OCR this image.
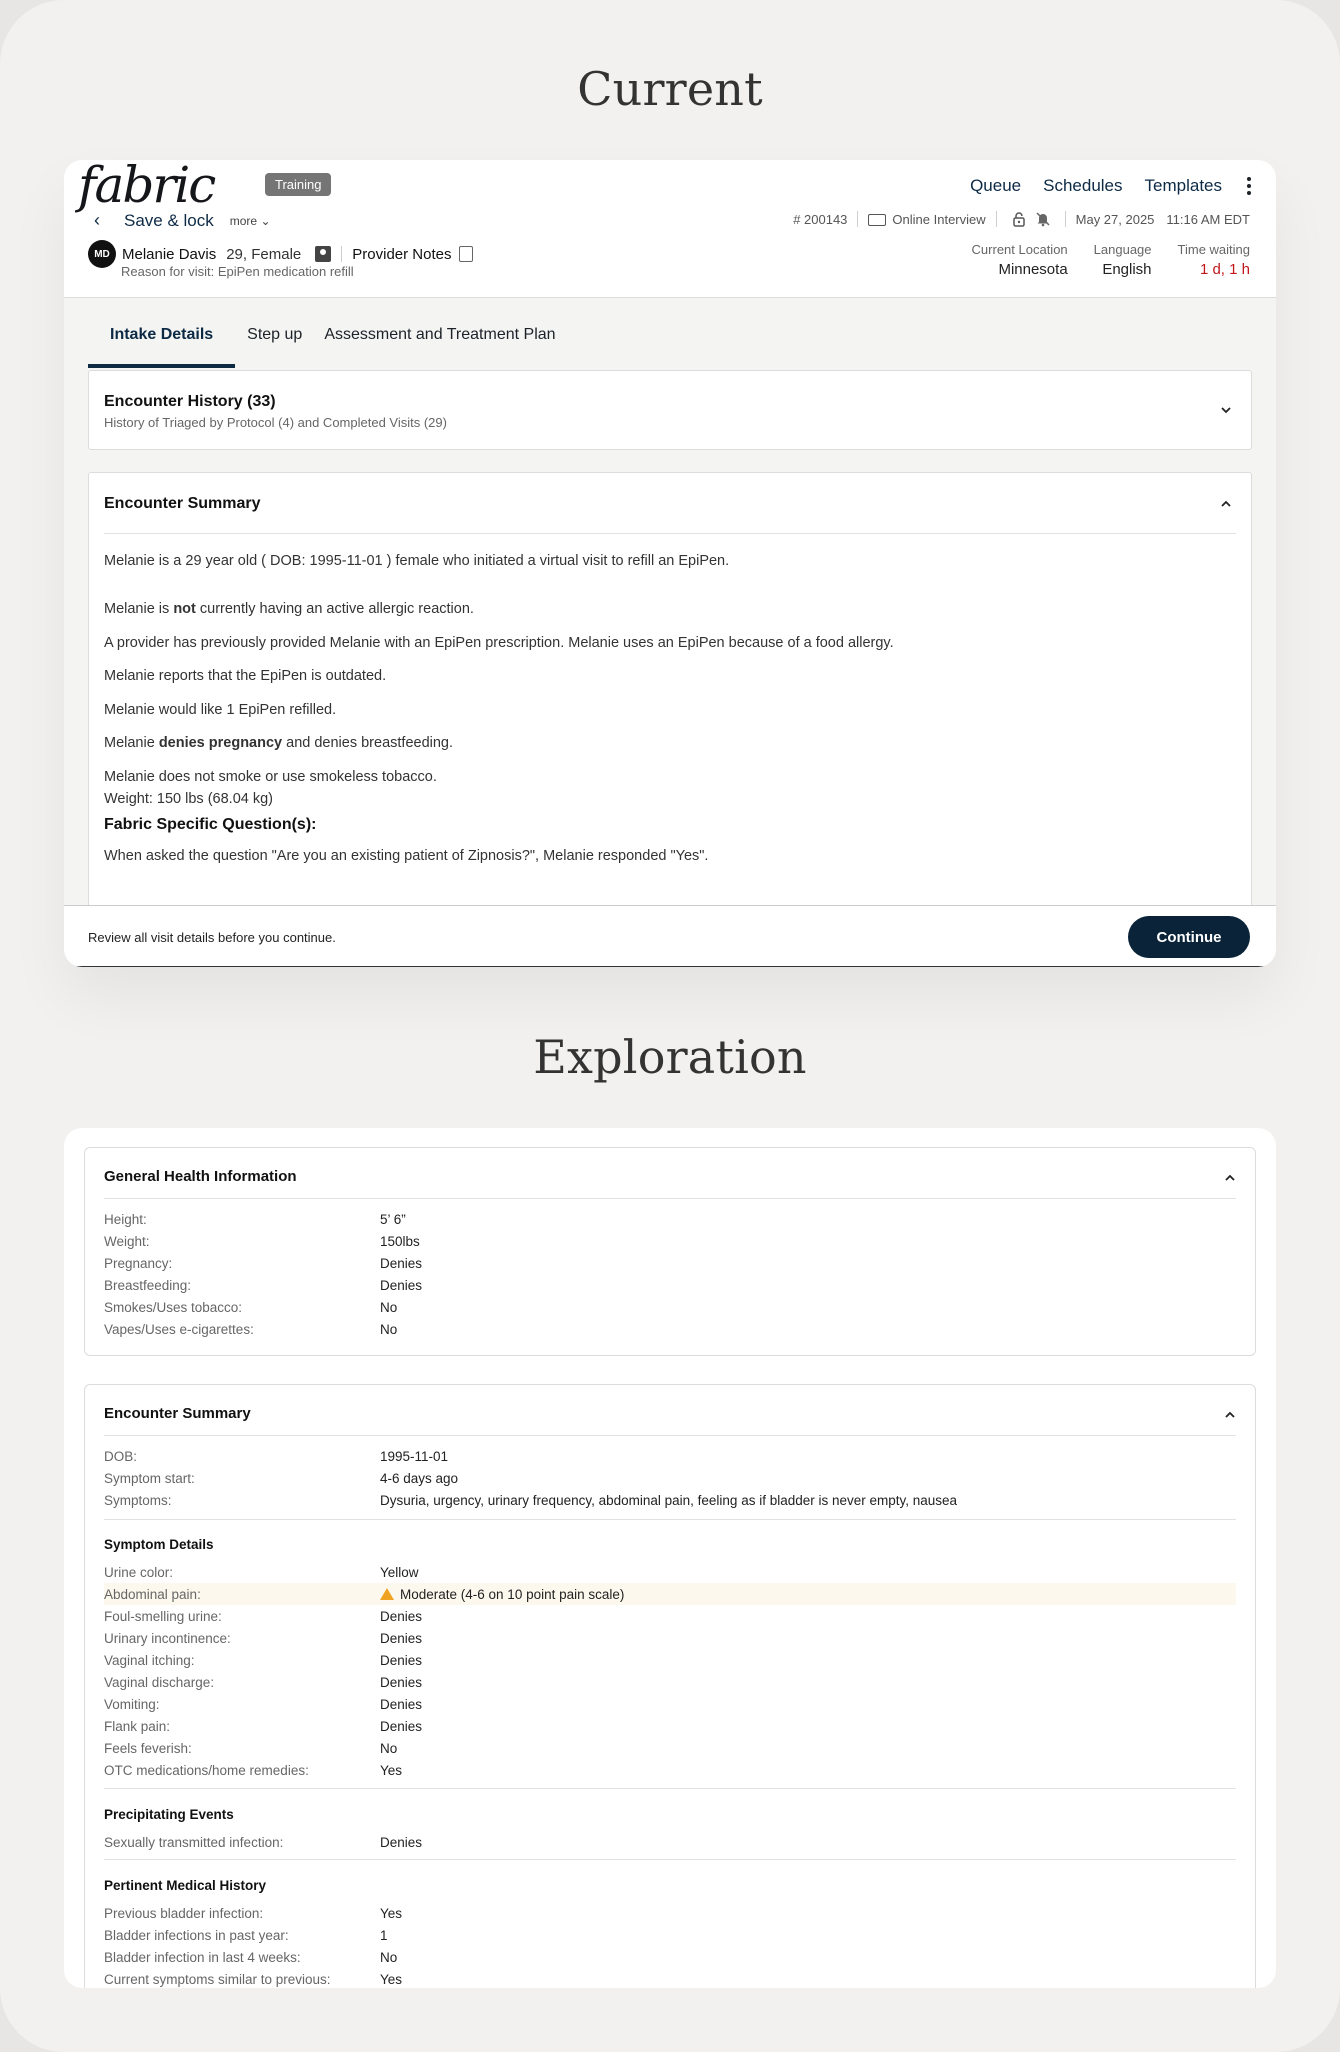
Current
fabric	Training	Queue Schedules Templates
‹	Save & lock more ⌄	# 200143	Online Interview	May 27, 2025 11:16 AM EDT
MD Melanie Davis 29, Female	Provider Notes
Reason for visit: EpiPen medication refill
Current Location
Minnesota
Language
English
Time waiting
1 d, 1 h
Intake Details	Step up	Assessment and Treatment Plan
Encounter History (33)
History of Triaged by Protocol (4) and Completed Visits (29)
Encounter Summary

Melanie is a 29 year old ( DOB: 1995-11-01 ) female who initiated a virtual visit to refill an EpiPen.

Melanie is not currently having an active allergic reaction.

A provider has previously provided Melanie with an EpiPen prescription. Melanie uses an EpiPen because of a food allergy.

Melanie reports that the EpiPen is outdated.

Melanie would like 1 EpiPen refilled.

Melanie denies pregnancy and denies breastfeeding.

Melanie does not smoke or use smokeless tobacco.

Weight: 150 lbs (68.04 kg)

Fabric Specific Question(s):

When asked the question "Are you an existing patient of Zipnosis?", Melanie responded "Yes".

Review all visit details before you continue.	Continue
Exploration
General Health Information
Height:	5’ 6”
Weight:	150lbs
Pregnancy:	Denies
Breastfeeding:	Denies
Smokes/Uses tobacco:	No
Vapes/Uses e-cigarettes:	No
Encounter Summary
DOB:	1995-11-01
Symptom start:	4-6 days ago
Symptoms:	Dysuria, urgency, urinary frequency, abdominal pain, feeling as if bladder is never empty, nausea
Symptom Details
Urine color:	Yellow
Abdominal pain:	Moderate (4-6 on 10 point pain scale)
Foul-smelling urine:	Denies
Urinary incontinence:	Denies
Vaginal itching:	Denies
Vaginal discharge:	Denies
Vomiting:	Denies
Flank pain:	Denies
Feels feverish:	No
OTC medications/home remedies:	Yes
Precipitating Events
Sexually transmitted infection:	Denies
Pertinent Medical History
Previous bladder infection:	Yes
Bladder infections in past year:	1
Bladder infection in last 4 weeks:	No
Current symptoms similar to previous:	Yes
